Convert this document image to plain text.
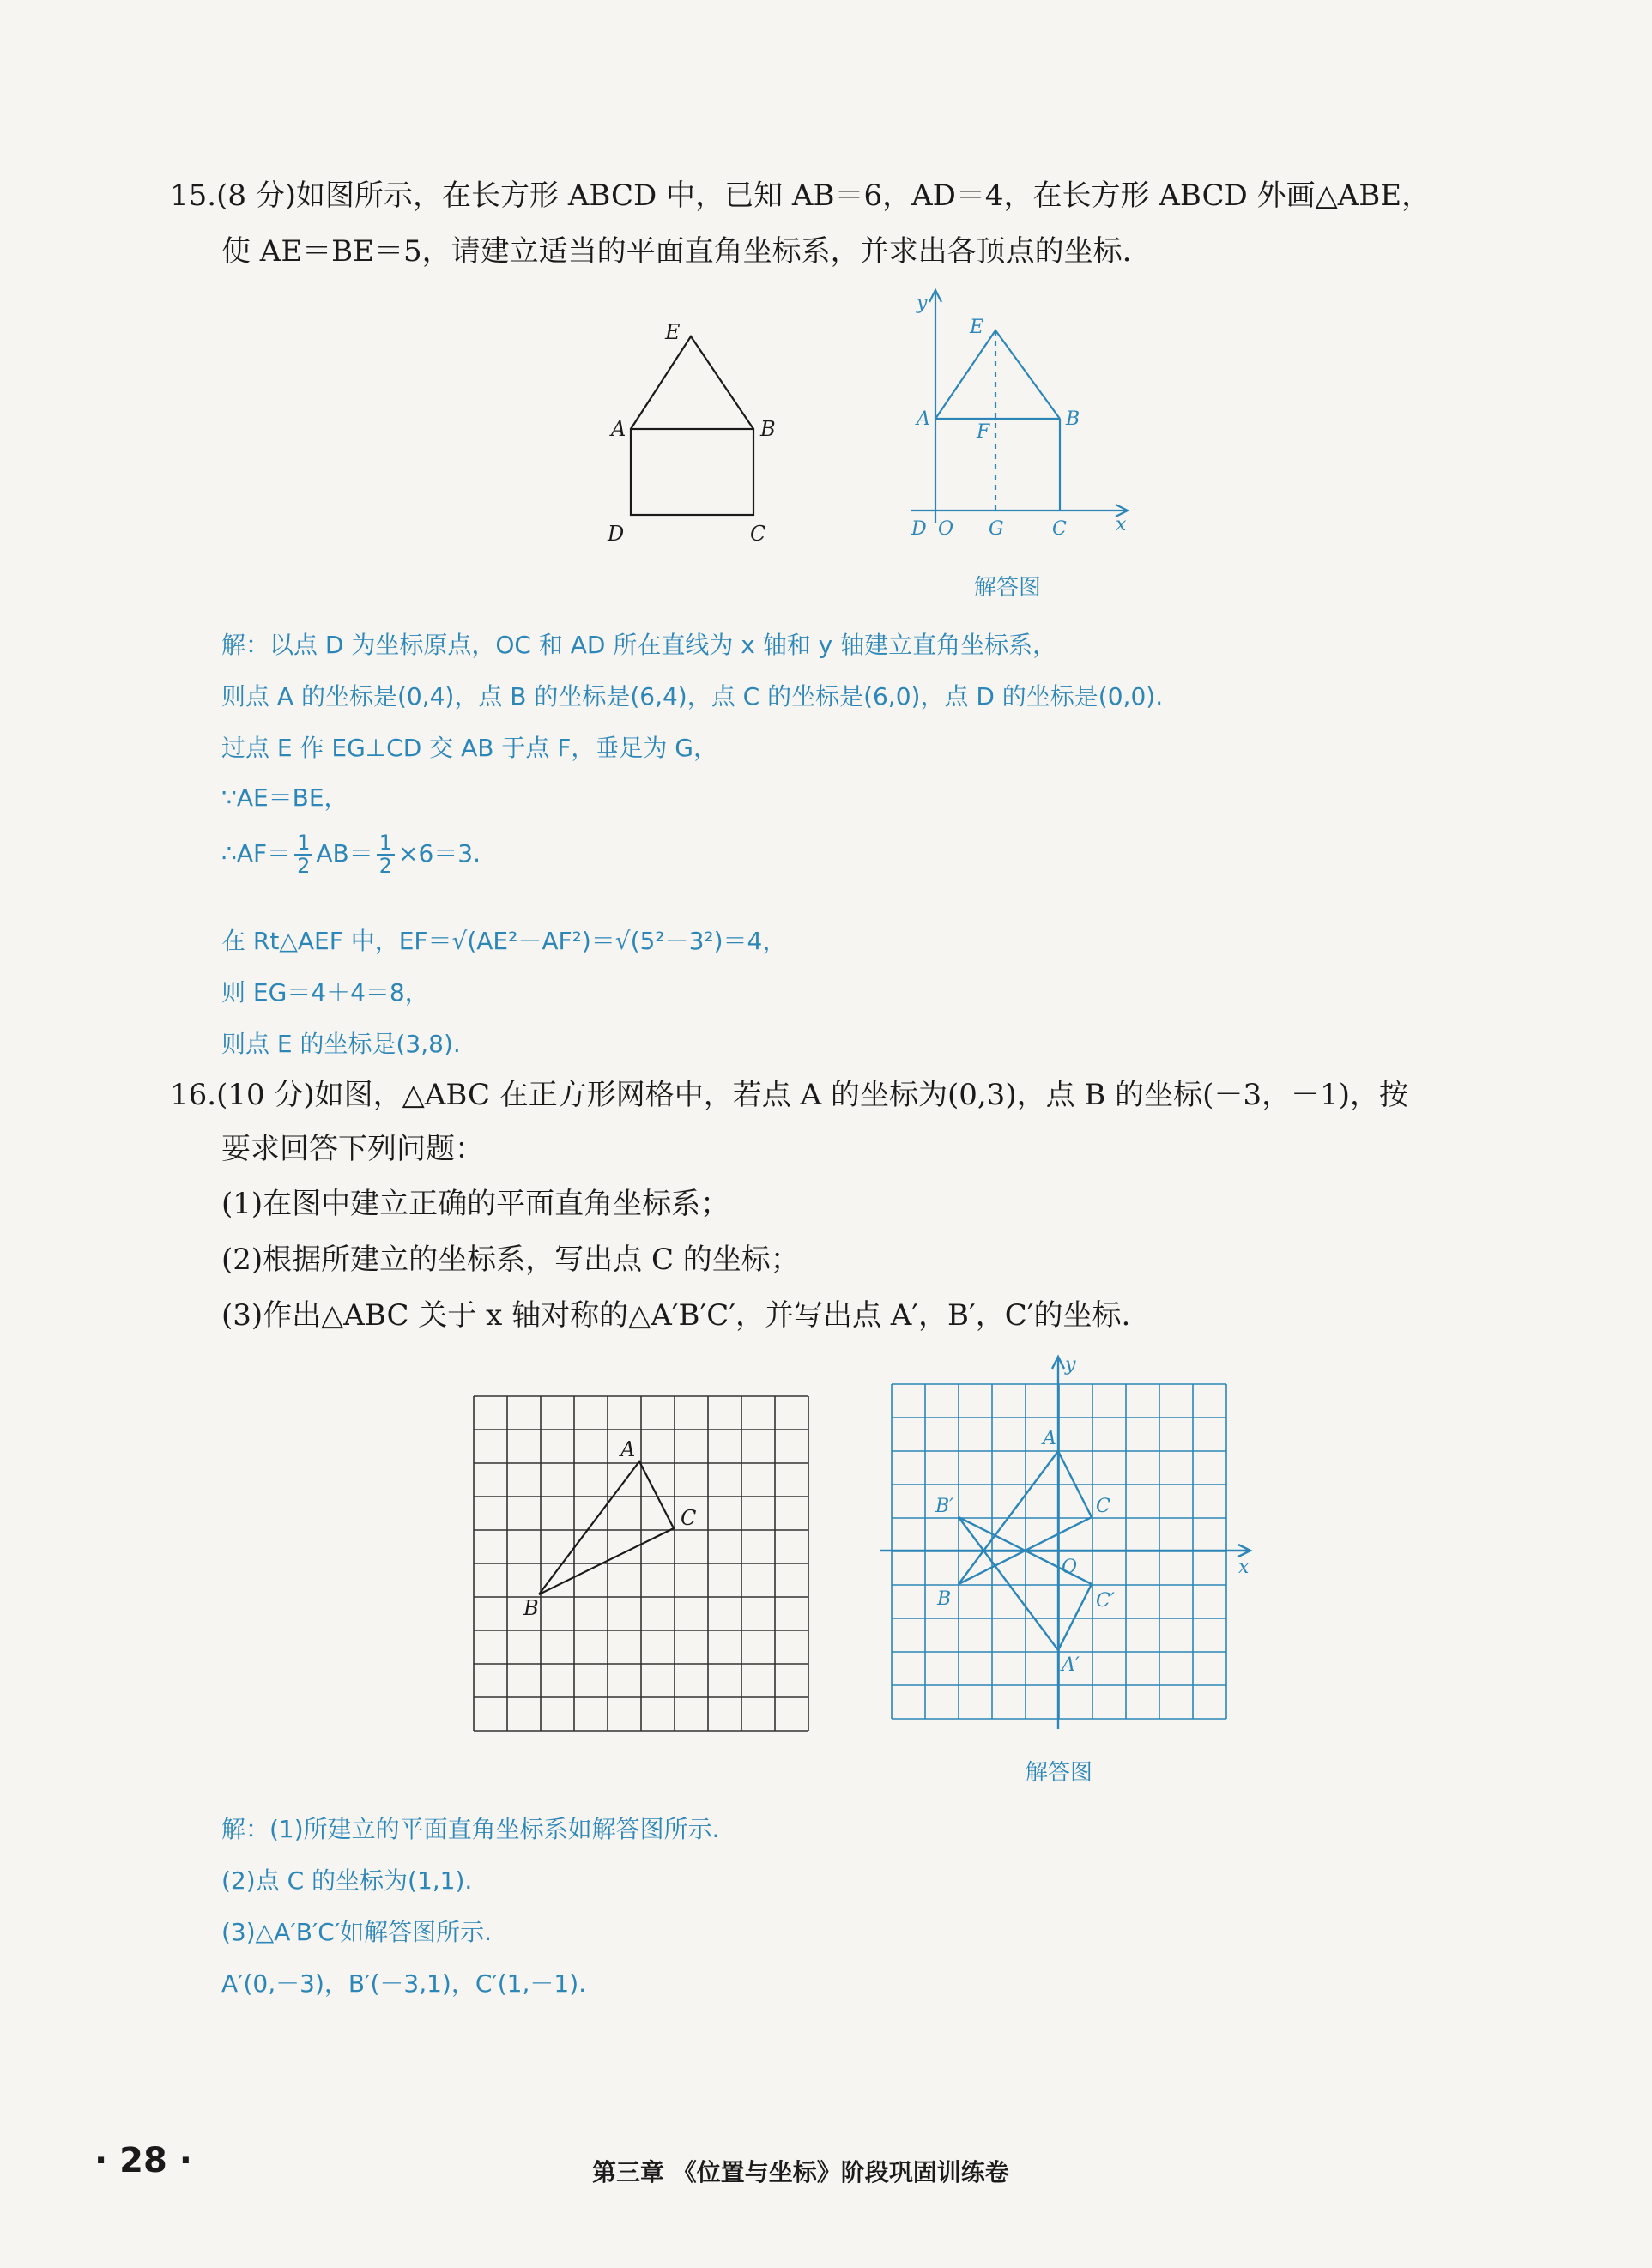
15.(8 分)如图所示，在长方形 ABCD 中，已知 AB＝6，AD＝4，在长方形 ABCD 外画△ABE，
使 AE＝BE＝5，请建立适当的平面直角坐标系，并求出各顶点的坐标.
E
A	B
D	C
y
x
E
A	B
F
D O G	C
解答图
解：以点 D 为坐标原点，OC 和 AD 所在直线为 x 轴和 y 轴建立直角坐标系，
则点 A 的坐标是(0,4)，点 B 的坐标是(6,4)，点 C 的坐标是(6,0)，点 D 的坐标是(0,0).
过点 E 作 EG⊥CD 交 AB 于点 F，垂足为 G，
∵AE＝BE，
∴AF＝ $\frac{1}{2} AB= \frac{1}{2} \times 6=3$.
在 Rt△AEF 中，EF＝√(AE²－AF²)＝√(5²－3²)＝4，
则 EG＝4＋4＝8，
则点 E 的坐标是(3,8).
16.(10 分)如图，△ABC 在正方形网格中，若点 A 的坐标为(0,3)，点 B 的坐标(－3，－1)，按
要求回答下列问题：
(1)在图中建立正确的平面直角坐标系；
(2)根据所建立的坐标系，写出点 C 的坐标；
(3)作出△ABC 关于 x 轴对称的△A′B′C′，并写出点 A′，B′，C′的坐标.
A
B
C
A
B
C
A′
B′
C′
O	x
y
解答图
解：(1)所建立的平面直角坐标系如解答图所示.
(2)点 C 的坐标为(1,1).
(3)△A′B′C′如解答图所示.
A′(0,－3)，B′(－3,1)，C′(1,－1).
· 28 ·	第三章 《位置与坐标》阶段巩固训练卷
